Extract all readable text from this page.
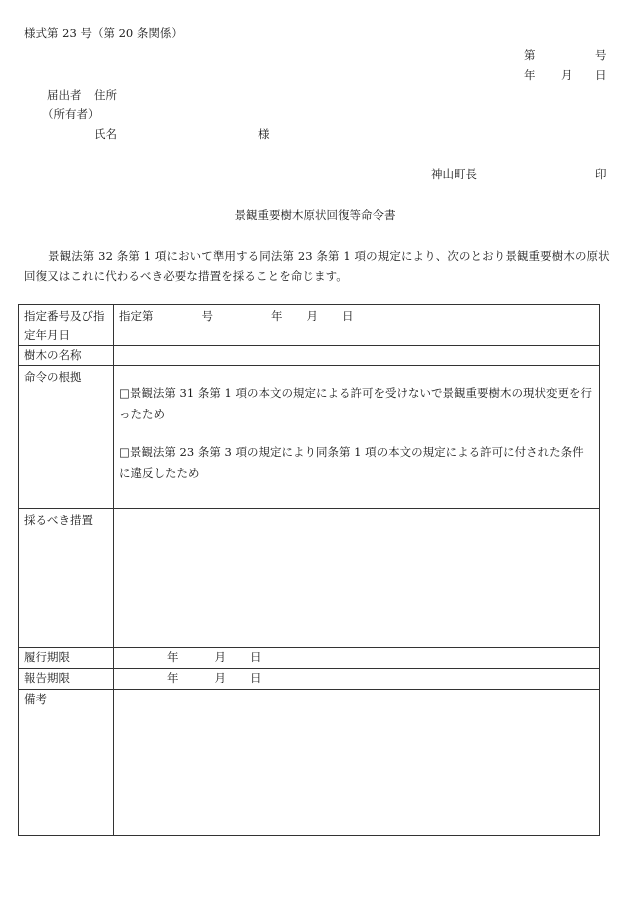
様式第 23 号（第 20 条関係）
第	号
年 月 日
届出者 住所
（所有者）
氏名	様
神山町長	印
景観重要樹木原状回復等命令書
景観法第 32 条第 1 項において準用する同法第 23 条第 1 項の規定により、次のとおり景観重要樹木の原状回復又はこれに代わるべき必要な措置を採ることを命じます。
指定番号及び指定年月日	指定第 号 年 月 日

樹木の名称	

命令の根拠	□景観法第 31 条第 1 項の本文の規定による許可を受けないで景観重要樹木の現状変更を行ったため
□景観法第 23 条第 3 項の規定により同条第 1 項の本文の規定による許可に付された条件に違反したため

採るべき措置	

履行期限	年 月 日

報告期限	年 月 日

備考	
